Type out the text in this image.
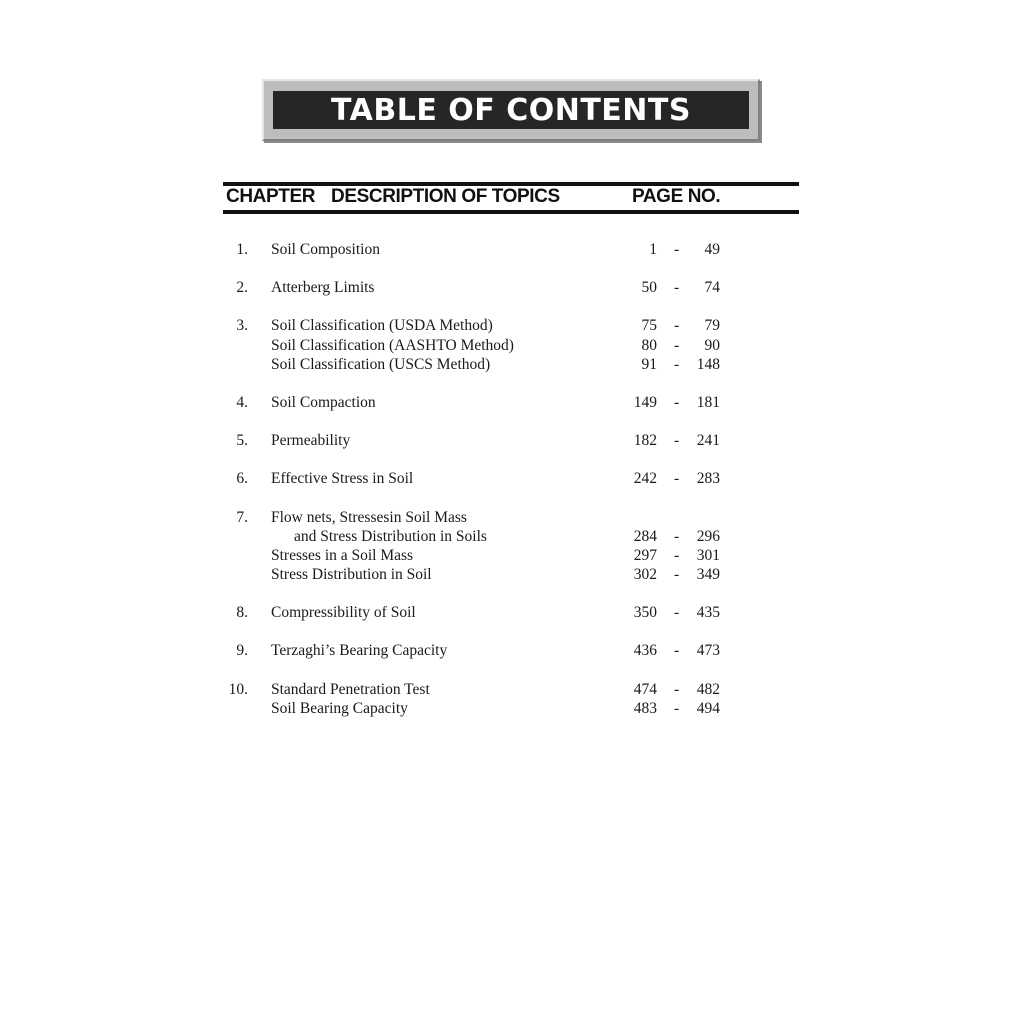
TABLE OF CONTENTS
CHAPTER DESCRIPTION OF TOPICS	PAGE NO.
1. Soil Composition	1 - 49
2. Atterberg Limits	50 - 74
3. Soil Classification (USDA Method)	75 - 79
Soil Classification (AASHTO Method)	80 - 90
Soil Classification (USCS Method)	91 - 148
4. Soil Compaction	149 - 181
5. Permeability	182 - 241
6. Effective Stress in Soil	242 - 283
7. Flow nets, Stressesin Soil Mass
and Stress Distribution in Soils	284 - 296
Stresses in a Soil Mass	297 - 301
Stress Distribution in Soil	302 - 349
8. Compressibility of Soil	350 - 435
9. Terzaghi’s Bearing Capacity	436 - 473
10. Standard Penetration Test	474 - 482
Soil Bearing Capacity	483 - 494
